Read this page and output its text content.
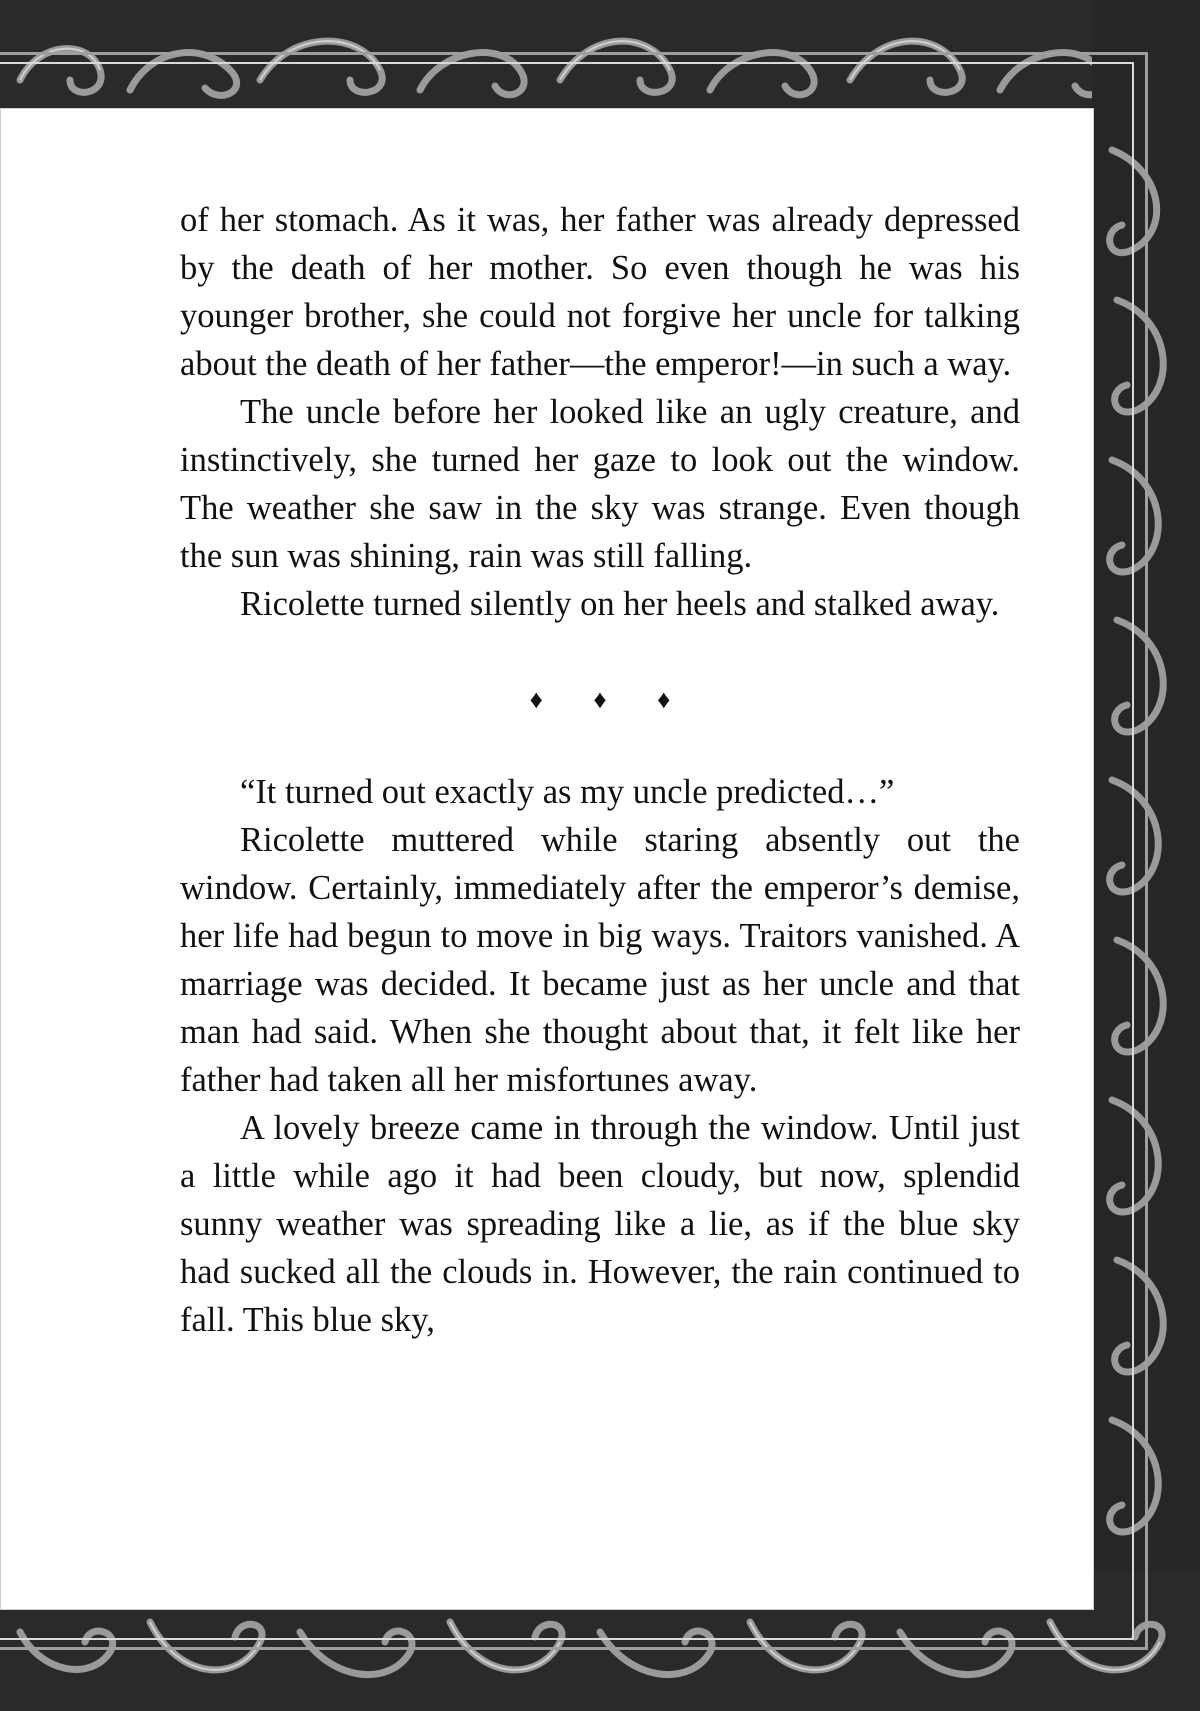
of her stomach. As it was, her father was already depressed by the death of her mother. So even though he was his younger brother, she could not forgive her uncle for talking about the death of her father—the emperor!—in such a way.

The uncle before her looked like an ugly creature, and instinctively, she turned her gaze to look out the window. The weather she saw in the sky was strange. Even though the sun was shining, rain was still falling.

Ricolette turned silently on her heels and stalked away.

♦ ♦ ♦

“It turned out exactly as my uncle predicted…”

Ricolette muttered while staring absently out the window. Certainly, immediately after the emperor’s demise, her life had begun to move in big ways. Traitors vanished. A marriage was decided. It became just as her uncle and that man had said. When she thought about that, it felt like her father had taken all her misfortunes away.

A lovely breeze came in through the window. Until just a little while ago it had been cloudy, but now, splendid sunny weather was spreading like a lie, as if the blue sky had sucked all the clouds in. However, the rain continued to fall. This blue sky,
